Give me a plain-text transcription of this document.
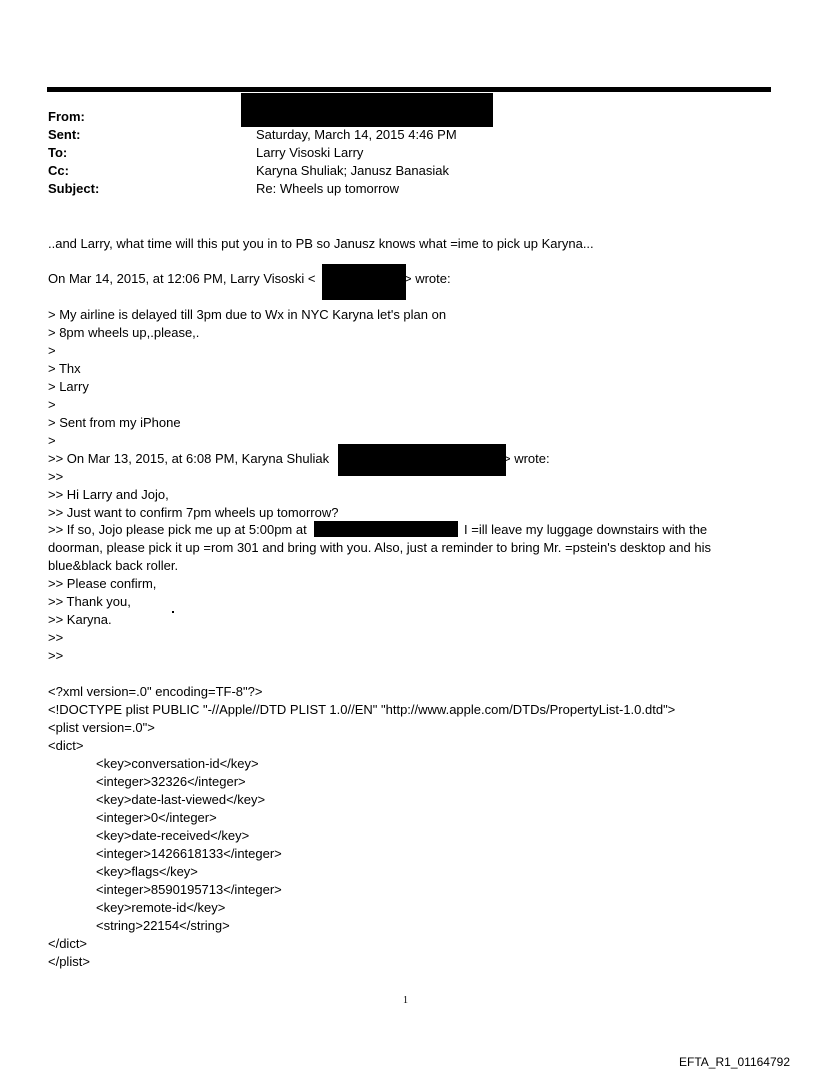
From:
Sent:	Saturday, March 14, 2015 4:46 PM
To:	Larry Visoski Larry
Cc:	Karyna Shuliak; Janusz Banasiak
Subject:	Re: Wheels up tomorrow
..and Larry, what time will this put you in to PB so Janusz knows what =ime to pick up Karyna...
On Mar 14, 2015, at 12:06 PM, Larry Visoski <	> wrote:
> My airline is delayed till 3pm due to Wx in NYC Karyna let's plan on
> 8pm wheels up,.please,.
>
> Thx
> Larry
>
> Sent from my iPhone
>
>> On Mar 13, 2015, at 6:08 PM, Karyna Shuliak	> wrote:
>>
>> Hi Larry and Jojo,
>> Just want to confirm 7pm wheels up tomorrow?
>> If so, Jojo please pick me up at 5:00pm at	I =ill leave my luggage downstairs with the
doorman, please pick it up =rom 301 and bring with you. Also, just a reminder to bring Mr. =pstein's desktop and his blue&black back roller.
>> Please confirm,
>> Thank you,
>> Karyna.
>>
>>
<?xml version=.0" encoding=TF-8"?>
<!DOCTYPE plist PUBLIC "-//Apple//DTD PLIST 1.0//EN" "http://www.apple.com/DTDs/PropertyList-1.0.dtd">
<plist version=.0">
<dict>
<key>conversation-id</key>
<integer>32326</integer>
<key>date-last-viewed</key>
<integer>0</integer>
<key>date-received</key>
<integer>1426618133</integer>
<key>flags</key>
<integer>8590195713</integer>
<key>remote-id</key>
<string>22154</string>
</dict>
</plist>
1
EFTA_R1_01164792
